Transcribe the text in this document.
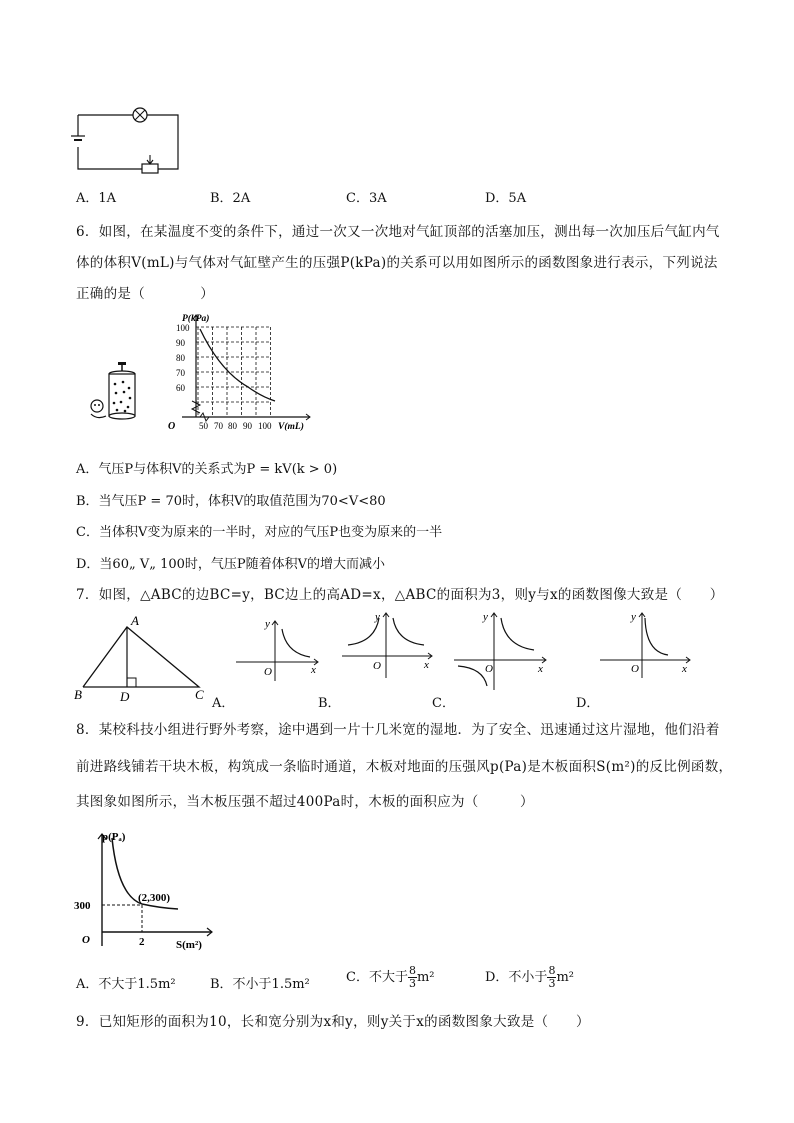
A．1A	B．2A	C．3A	D．5A
6．如图，在某温度不变的条件下，通过一次又一次地对气缸顶部的活塞加压，测出每一次加压后气缸内气
体的体积V(mL)与气体对气缸壁产生的压强P(kPa)的关系可以用如图所示的函数图象进行表示，下列说法
正确的是（　　　　）
P(kPa)
V(mL)
O
100
90
80
70
60
50 70 80 90 100
A．气压P与体积V的关系式为P = kV(k > 0)
B．当气压P = 70时，体积V的取值范围为70<V<80
C．当体积V变为原来的一半时，对应的气压P也变为原来的一半
D．当60„ V„ 100时，气压P随着体积V的增大而减小
7．如图，△ABC的边BC=y，BC边上的高AD=x，△ABC的面积为3，则y与x的函数图像大致是（　　）
A
B	D	C
y
x
O
y
x
O
y
x
O
y
x
O
A．	B．	C．	D．
8．某校科技小组进行野外考察，途中遇到一片十几米宽的湿地．为了安全、迅速通过这片湿地，他们沿着
前进路线铺若干块木板，构筑成一条临时通道，木板对地面的压强风p(Pa)是木板面积S(m²)的反比例函数，
其图象如图所示，当木板压强不超过400Pa时，木板的面积应为（　　　）
p(Pₐ)
S(m²)
O
300
2
(2,300)
A．不大于1.5m²	B．不小于1.5m²	C．不大于 $\frac{8}{3} m^2$	D．不小于 $\frac{8}{3} m^2$
9．已知矩形的面积为10，长和宽分别为x和y，则y关于x的函数图象大致是（　　）
